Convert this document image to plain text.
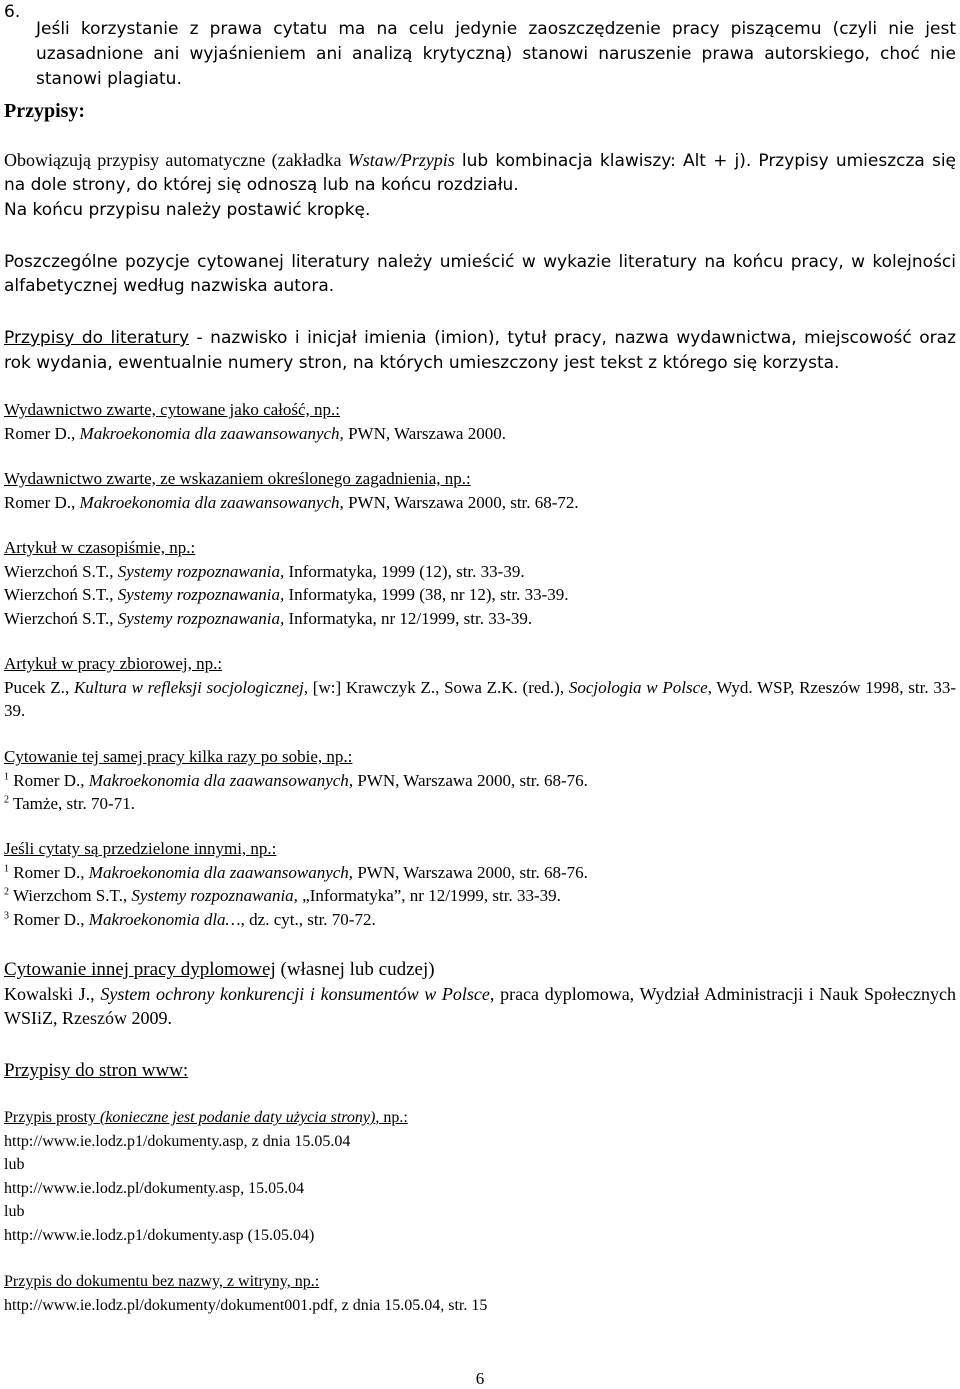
6.

Jeśli korzystanie z prawa cytatu ma na celu jedynie zaoszczędzenie pracy piszącemu (czyli nie jest uzasadnione ani wyjaśnieniem ani analizą krytyczną) stanowi naruszenie prawa autorskiego, choć nie stanowi plagiatu.

Przypisy:

Obowiązują przypisy automatyczne (zakładka Wstaw/Przypis lub kombinacja klawiszy: Alt + j). Przypisy umieszcza się na dole strony, do której się odnoszą lub na końcu rozdziału.

Na końcu przypisu należy postawić kropkę.

Poszczególne pozycje cytowanej literatury należy umieścić w wykazie literatury na końcu pracy, w kolejności alfabetycznej według nazwiska autora.

Przypisy do literatury - nazwisko i inicjał imienia (imion), tytuł pracy, nazwa wydawnictwa, miejscowość oraz rok wydania, ewentualnie numery stron, na których umieszczony jest tekst z którego się korzysta.

Wydawnictwo zwarte, cytowane jako całość, np.:
Romer D., Makroekonomia dla zaawansowanych, PWN, Warszawa 2000.
Wydawnictwo zwarte, ze wskazaniem określonego zagadnienia, np.:
Romer D., Makroekonomia dla zaawansowanych, PWN, Warszawa 2000, str. 68-72.
Artykuł w czasopiśmie, np.:
Wierzchoń S.T., Systemy rozpoznawania, Informatyka, 1999 (12), str. 33-39.
Wierzchoń S.T., Systemy rozpoznawania, Informatyka, 1999 (38, nr 12), str. 33-39.
Wierzchoń S.T., Systemy rozpoznawania, Informatyka, nr 12/1999, str. 33-39.
Artykuł w pracy zbiorowej, np.:
Pucek Z., Kultura w refleksji socjologicznej, [w:] Krawczyk Z., Sowa Z.K. (red.), Socjologia w Polsce, Wyd. WSP, Rzeszów 1998, str. 33-39.
Cytowanie tej samej pracy kilka razy po sobie, np.:
$^1$ Romer D., Makroekonomia dla zaawansowanych, PWN, Warszawa 2000, str. 68-76.
$^2$ Tamże, str. 70-71.
Jeśli cytaty są przedzielone innymi, np.:
$^1$ Romer D., Makroekonomia dla zaawansowanych, PWN, Warszawa 2000, str. 68-76.
$^2$ Wierzchom S.T., Systemy rozpoznawania, „Informatyka”, nr 12/1999, str. 33-39.
$^3$ Romer D., Makroekonomia dla…, dz. cyt., str. 70-72.
Cytowanie innej pracy dyplomowej (własnej lub cudzej)
Kowalski J., System ochrony konkurencji i konsumentów w Polsce, praca dyplomowa, Wydział Administracji i Nauk Społecznych WSIiZ, Rzeszów 2009.
Przypisy do stron www:
Przypis prosty (konieczne jest podanie daty użycia strony), np.:
http://www.ie.lodz.p1/dokumenty.asp, z dnia 15.05.04
lub
http://www.ie.lodz.pl/dokumenty.asp, 15.05.04
lub
http://www.ie.lodz.p1/dokumenty.asp (15.05.04)
Przypis do dokumentu bez nazwy, z witryny, np.:
http://www.ie.lodz.pl/dokumenty/dokument001.pdf, z dnia 15.05.04, str. 15
6
